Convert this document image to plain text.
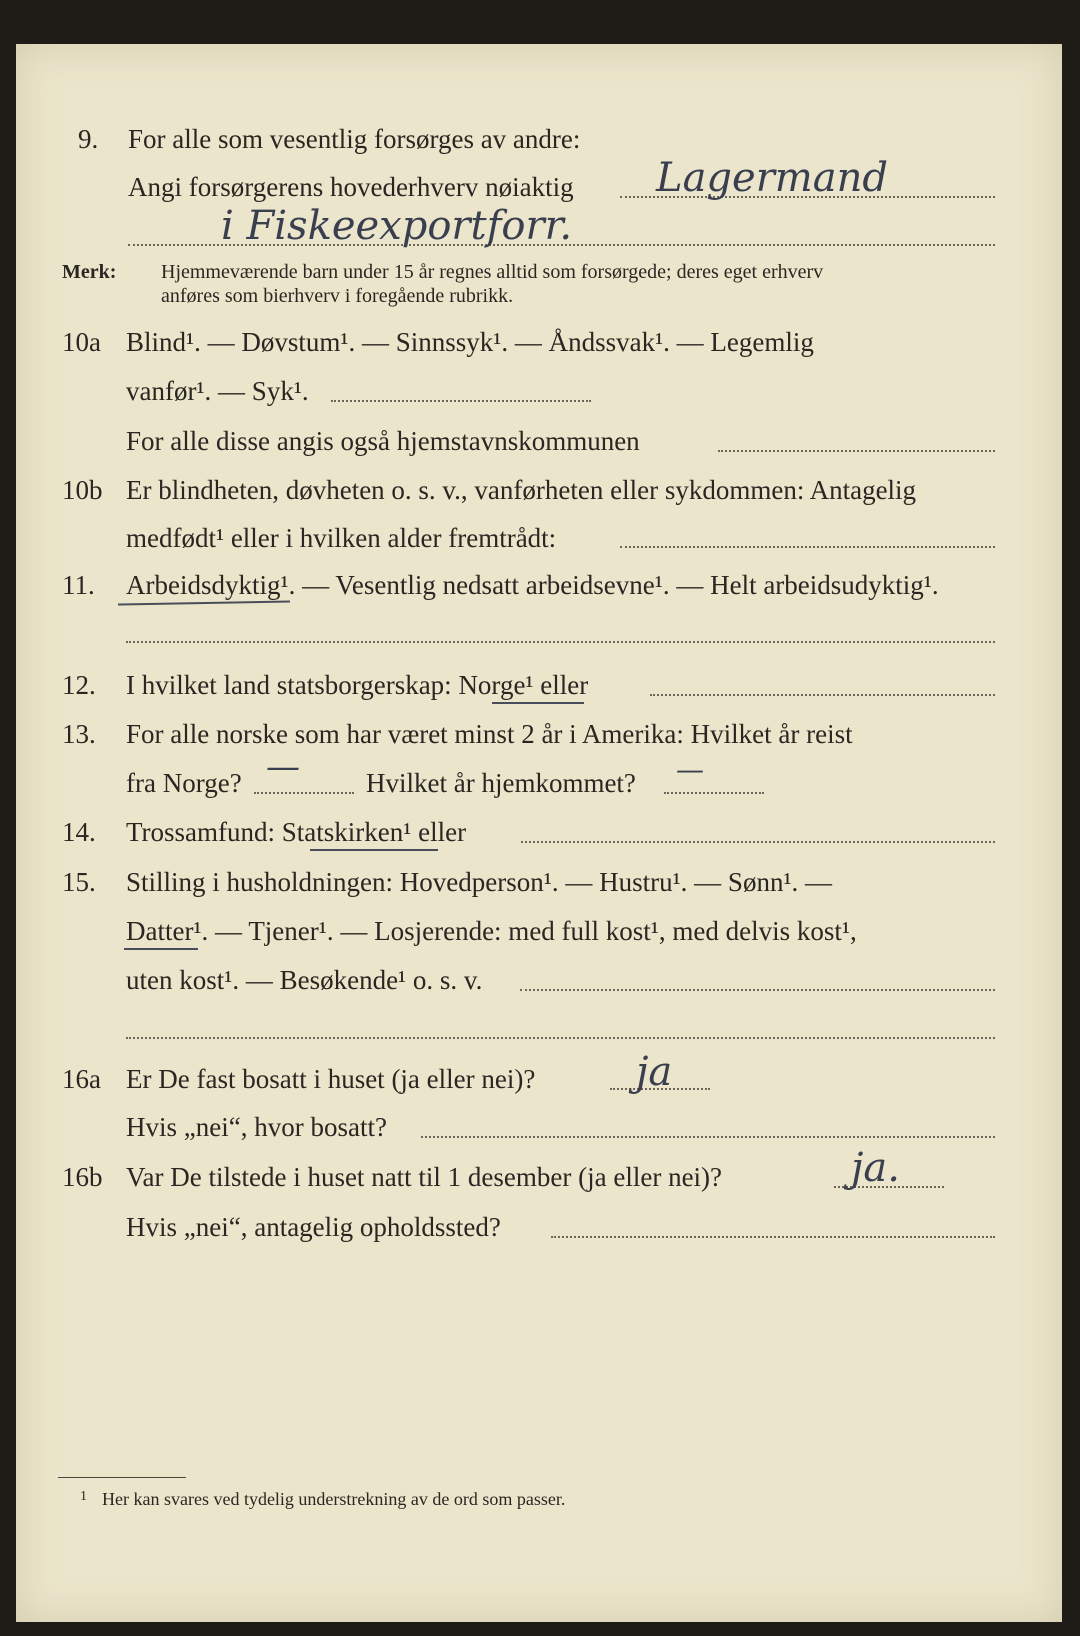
9. For alle som vesentlig forsørges av andre:
Angi forsørgerens hovederhverv nøiaktig Lagermand
i Fiskeexportforr.
Merk: Hjemmeværende barn under 15 år regnes alltid som forsørgede; deres eget erhverv
anføres som bierhverv i foregående rubrikk.
10a Blind¹. — Døvstum¹. — Sinnssyk¹. — Åndssvak¹. — Legemlig
vanfør¹. — Syk¹.
For alle disse angis også hjemstavnskommunen
10b Er blindheten, døvheten o. s. v., vanførheten eller sykdommen: Antagelig
medfødt¹ eller i hvilken alder fremtrådt:
11. Arbeidsdyktig¹. — Vesentlig nedsatt arbeidsevne¹. — Helt arbeidsudyktig¹.
12. I hvilket land statsborgerskap: Norge¹ eller
13. For alle norske som har været minst 2 år i Amerika: Hvilket år reist
fra Norge? — Hvilket år hjemkommet? —
14. Trossamfund: Statskirken¹ eller
15. Stilling i husholdningen: Hovedperson¹. — Hustru¹. — Sønn¹. —
Datter¹. — Tjener¹. — Losjerende: med full kost¹, med delvis kost¹,
uten kost¹. — Besøkende¹ o. s. v.
16a Er De fast bosatt i huset (ja eller nei)?	ja
Hvis „nei“, hvor bosatt?
16b Var De tilstede i huset natt til 1 desember (ja eller nei)?	ja.
Hvis „nei“, antagelig opholdssted?
1 Her kan svares ved tydelig understrekning av de ord som passer.
